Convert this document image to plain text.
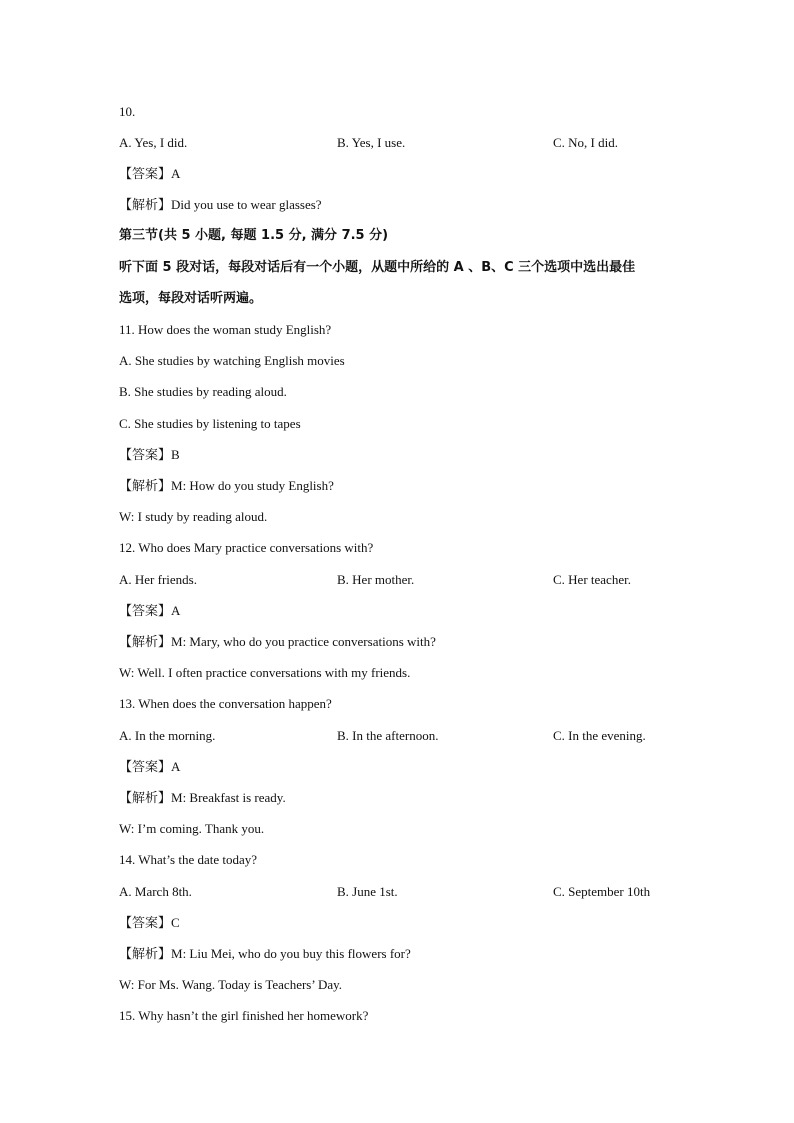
10.
A. Yes, I did.	B. Yes, I use.	C. No, I did.
【答案】A
【解析】Did you use to wear glasses?
第三节(共 5 小题, 每题 1.5 分, 满分 7.5 分)
听下面 5 段对话，每段对话后有一个小题，从题中所给的 A 、B、C 三个选项中选出最佳
选项，每段对话听两遍。
11. How does the woman study English?
A. She studies by watching English movies
B. She studies by reading aloud.
C. She studies by listening to tapes
【答案】B
【解析】M: How do you study English?
W: I study by reading aloud.
12. Who does Mary practice conversations with?
A. Her friends.	B. Her mother.	C. Her teacher.
【答案】A
【解析】M: Mary, who do you practice conversations with?
W: Well. I often practice conversations with my friends.
13. When does the conversation happen?
A. In the morning.	B. In the afternoon.	C. In the evening.
【答案】A
【解析】M: Breakfast is ready.
W: I’m coming. Thank you.
14. What’s the date today?
A. March 8th.	B. June 1st.	C. September 10th
【答案】C
【解析】M: Liu Mei, who do you buy this flowers for?
W: For Ms. Wang. Today is Teachers’ Day.
15. Why hasn’t the girl finished her homework?
